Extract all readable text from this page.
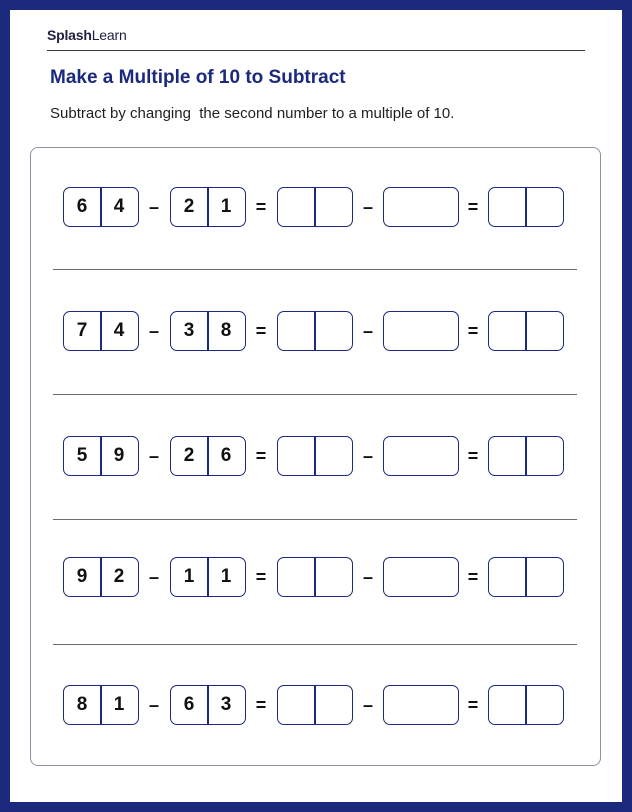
SplashLearn
Make a Multiple of 10 to Subtract
Subtract by changing  the second number to a multiple of 10.
6	4	–	2	1	=	–	=
7	4	–	3	8	=	–	=
5	9	–	2	6	=	–	=
9	2	–	1	1	=	–	=
8	1	–	6	3	=	–	=
